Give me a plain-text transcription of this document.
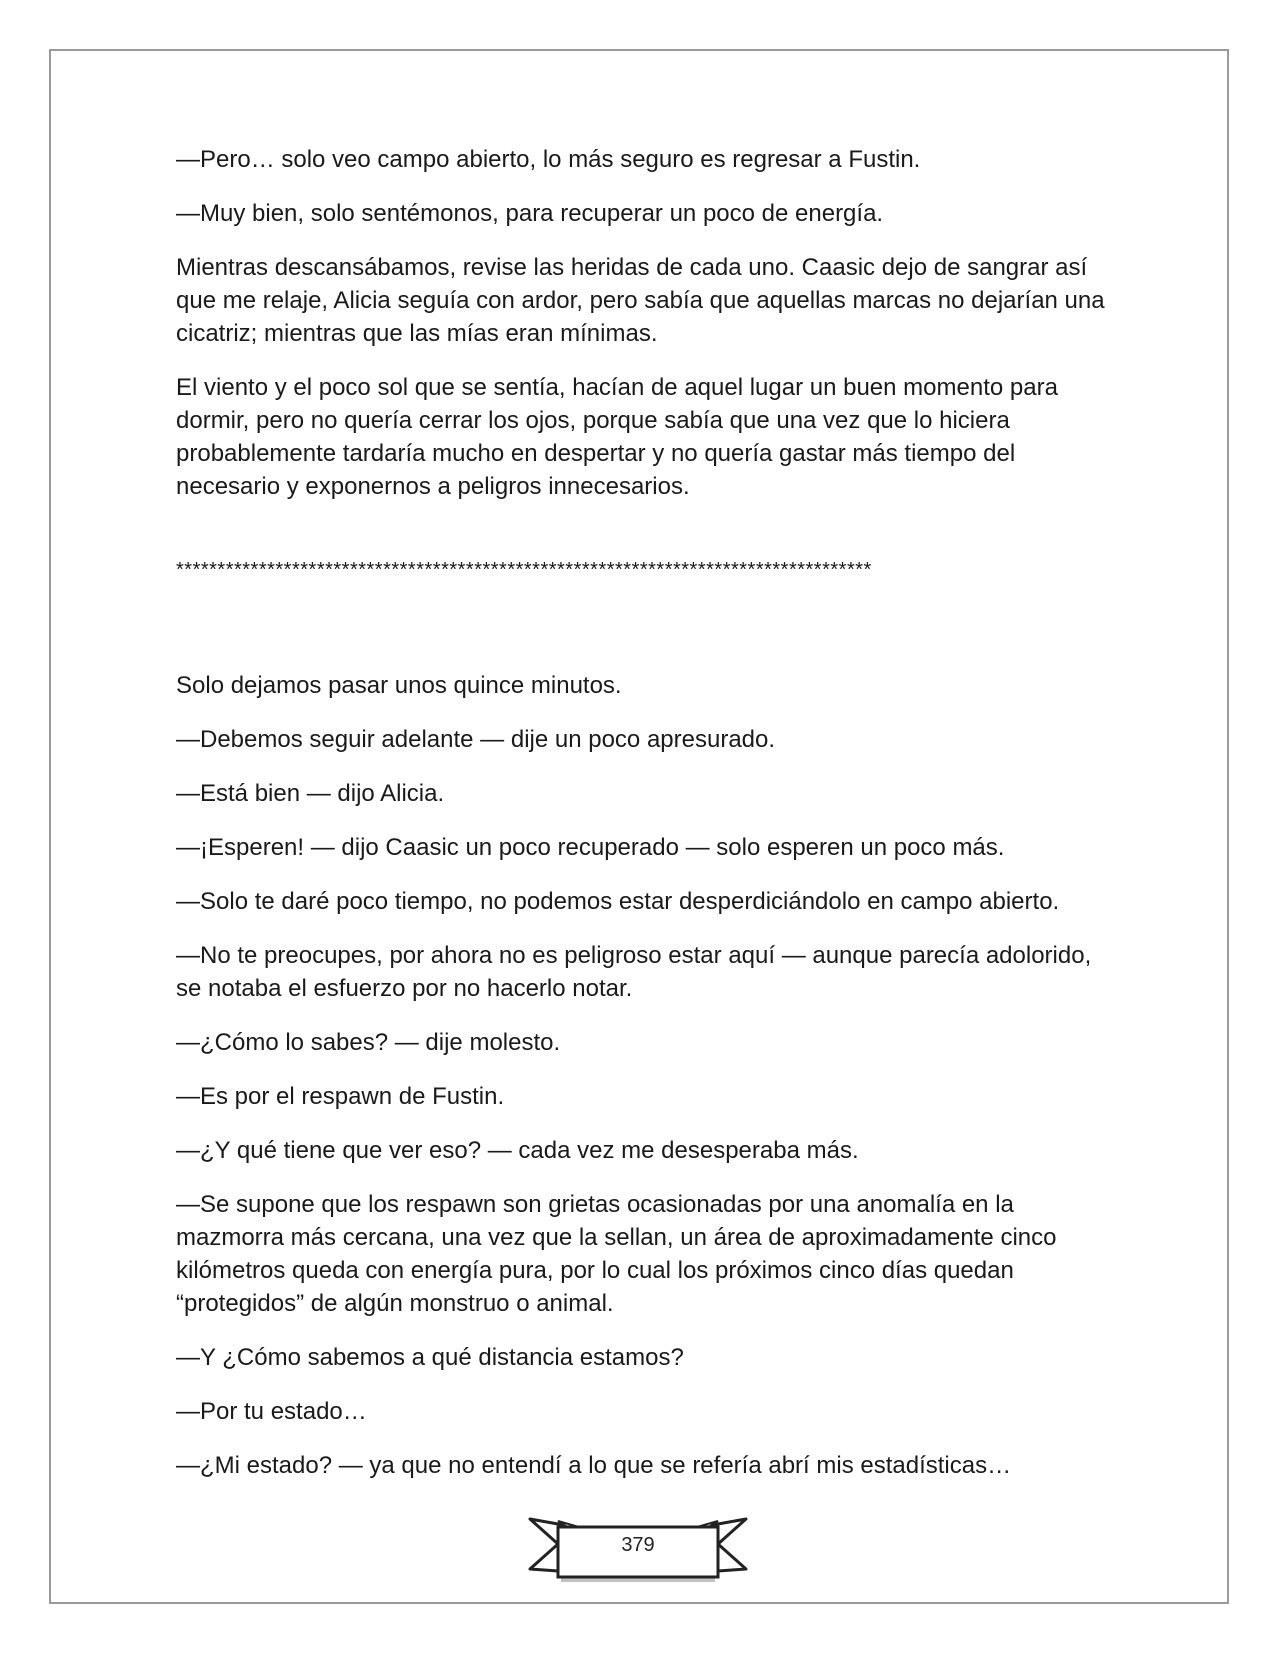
—Pero… solo veo campo abierto, lo más seguro es regresar a Fustin.

—Muy bien, solo sentémonos, para recuperar un poco de energía.

Mientras descansábamos, revise las heridas de cada uno. Caasic dejo de sangrar así que me relaje, Alicia seguía con ardor, pero sabía que aquellas marcas no dejarían una cicatriz; mientras que las mías eran mínimas.

El viento y el poco sol que se sentía, hacían de aquel lugar un buen momento para dormir, pero no quería cerrar los ojos, porque sabía que una vez que lo hiciera probablemente tardaría mucho en despertar y no quería gastar más tiempo del necesario y exponernos a peligros innecesarios.

************************************************************************************

Solo dejamos pasar unos quince minutos.

—Debemos seguir adelante — dije un poco apresurado.

—Está bien — dijo Alicia.

—¡Esperen! — dijo Caasic un poco recuperado — solo esperen un poco más.

—Solo te daré poco tiempo, no podemos estar desperdiciándolo en campo abierto.

—No te preocupes, por ahora no es peligroso estar aquí — aunque parecía adolorido, se notaba el esfuerzo por no hacerlo notar.

—¿Cómo lo sabes? — dije molesto.

—Es por el respawn de Fustin.

—¿Y qué tiene que ver eso? — cada vez me desesperaba más.

—Se supone que los respawn son grietas ocasionadas por una anomalía en la mazmorra más cercana, una vez que la sellan, un área de aproximadamente cinco kilómetros queda con energía pura, por lo cual los próximos cinco días quedan “protegidos” de algún monstruo o animal.

—Y ¿Cómo sabemos a qué distancia estamos?

—Por tu estado…

—¿Mi estado? — ya que no entendí a lo que se refería abrí mis estadísticas…

379
